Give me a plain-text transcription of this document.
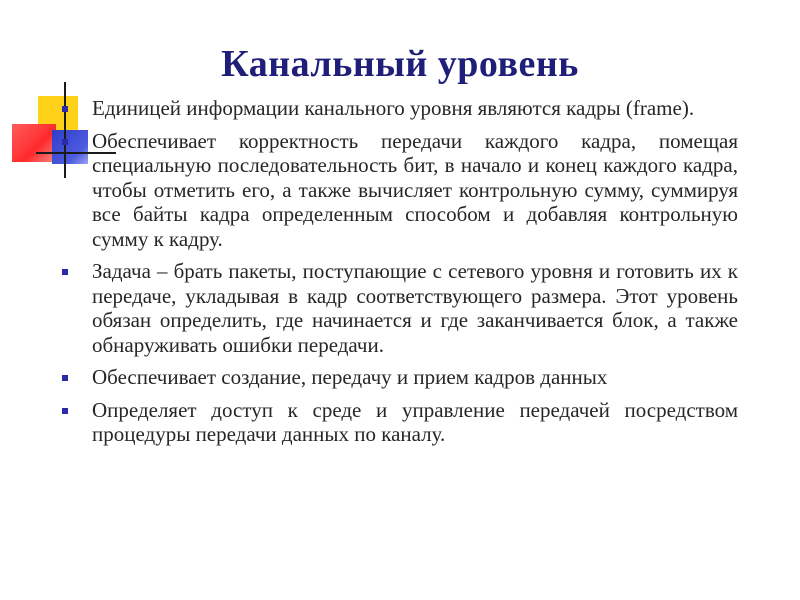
Канальный уровень
Единицей информации канального уровня являются кадры (frame).
Обеспечивает корректность передачи каждого кадра, помещая специальную последовательность бит, в начало и конец каждого кадра, чтобы отметить его, а также вычисляет контрольную сумму, суммируя все байты кадра определенным способом и добавляя контрольную сумму к кадру.
Задача – брать пакеты, поступающие с сетевого уровня и готовить их к передаче, укладывая в кадр соответствующего размера. Этот уровень обязан определить, где начинается и где заканчивается блок, а также обнаруживать ошибки передачи.
Обеспечивает создание, передачу и прием кадров данных
Определяет доступ к среде и управление передачей посредством процедуры передачи данных по каналу.
